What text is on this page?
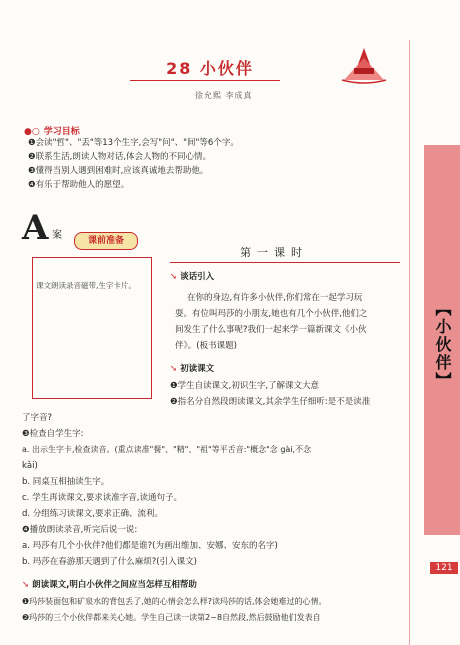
28 小伙伴
徐允熙 李成真
●○ 学习目标
❶会读"哲"、"丢"等13个生字,会写"问"、"间"等6个字。
❷联系生活,朗读人物对话,体会人物的不同心情。
❸懂得当别人遇到困难时,应该真诚地去帮助他。
❹有乐于帮助他人的愿望。
A 案	课前准备
课文朗读录音磁带,生字卡片。
第一课时
➘ 谈话引入
在你的身边,有许多小伙伴,你们常在一起学习玩
耍。有位叫玛莎的小朋友,她也有几个小伙伴,他们之
间发生了什么事呢?我们一起来学一篇新课文《小伙
伴》。(板书课题)
➘ 初读课文
❶学生自读课文,初识生字,了解课文大意
❷指名分自然段朗读课文,其余学生仔细听:是不是读准
了字音?
❸检查自学生字:
a. 出示生字卡,检查读音。(重点读准"餐"、"精"、"祖"等平舌音:"概念"念 gài,不念
kǎi)
b. 同桌互相抽读生字。
c. 学生再读课文,要求读准字音,读通句子。
d. 分组练习读课文,要求正确、流利。
❹播放朗读录音,听完后说一说:
a. 玛莎有几个小伙伴?他们都是谁?(为画出维加、安娜、安东的名字)
b. 玛莎在春游那天遇到了什么麻烦?(引入课文)
➘ 朗读课文,明白小伙伴之间应当怎样互相帮助
❶玛莎装面包和矿泉水的背包丢了,她的心情会怎么样?读玛莎的话,体会她难过的心情。
❷玛莎的三个小伙伴都来关心她。学生自己读一读第2~8自然段,然后鼓励他们发表自
【小伙伴】
121
